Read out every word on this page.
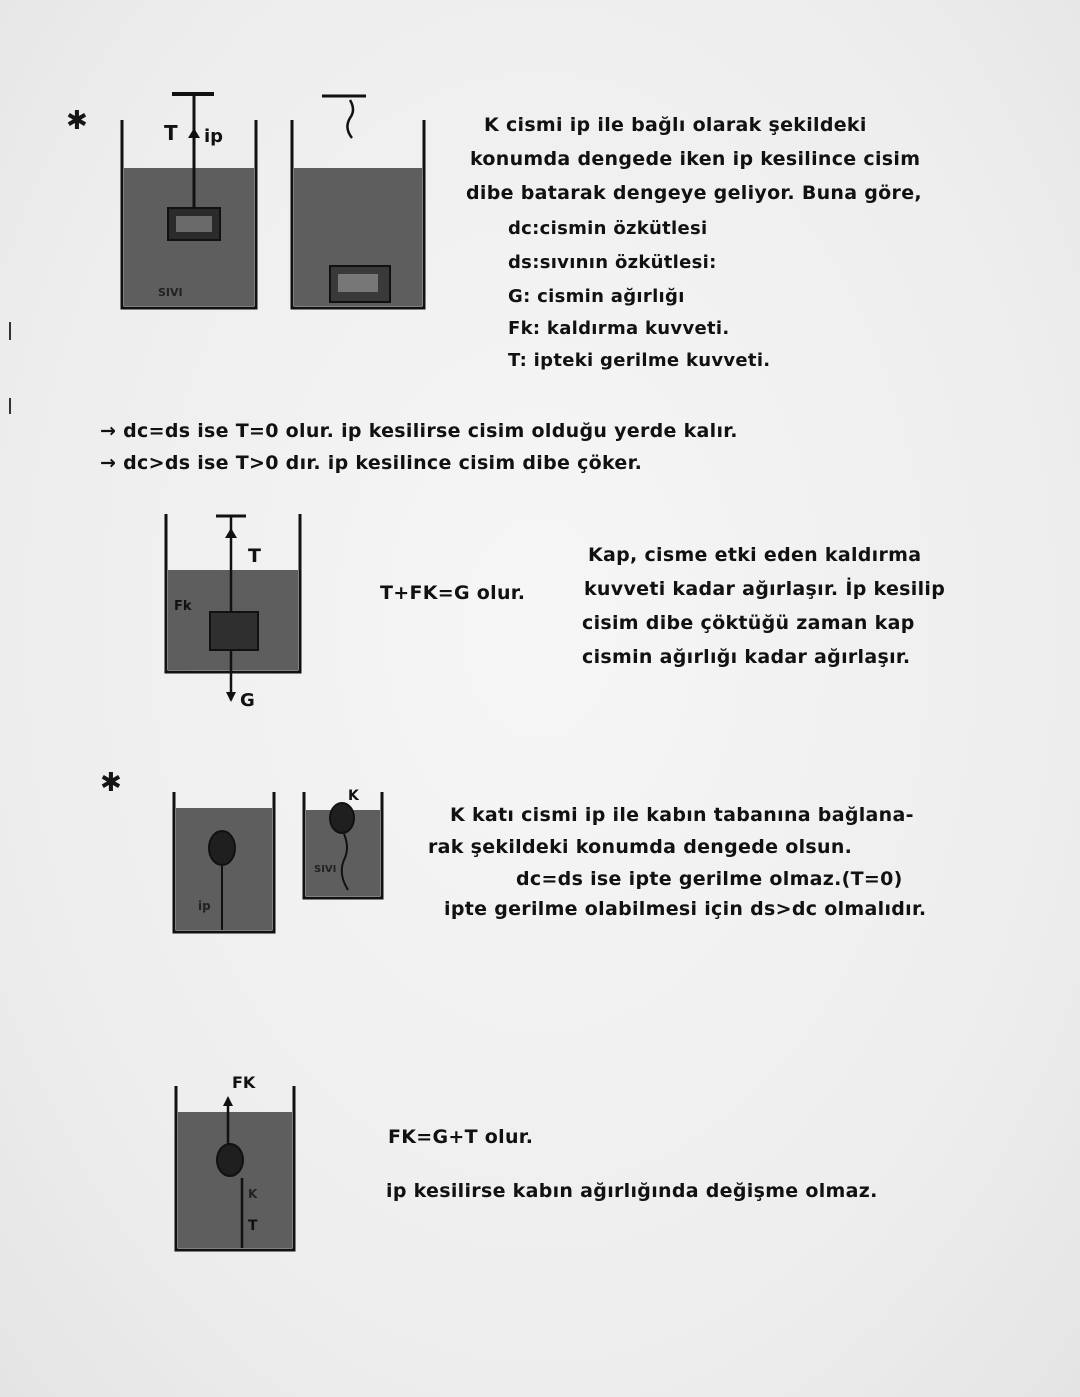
✱	T ip
SIVI
K cismi ip ile bağlı olarak şekildeki
konumda dengede iken ip kesilince cisim
dibe batarak dengeye geliyor. Buna göre,
dc:cismin özkütlesi
ds:sıvının özkütlesi:
G: cismin ağırlığı
Fk: kaldırma kuvveti.
T: ipteki gerilme kuvveti.
→ dc=ds ise T=0 olur. ip kesilirse cisim olduğu yerde kalır.
→ dc>ds ise T>0 dır. ip kesilince cisim dibe çöker.
T
Fk
G
T+FK=G olur.
Kap, cisme etki eden kaldırma
kuvveti kadar ağırlaşır. İp kesilip
cisim dibe çöktüğü zaman kap
cismin ağırlığı kadar ağırlaşır.
✱
ip
K
SIVI
K katı cismi ip ile kabın tabanına bağlana-
rak şekildeki konumda dengede olsun.
dc=ds ise ipte gerilme olmaz.(T=0)
ipte gerilme olabilmesi için ds>dc olmalıdır.
FK
T
K
FK=G+T olur.
ip kesilirse kabın ağırlığında değişme olmaz.
